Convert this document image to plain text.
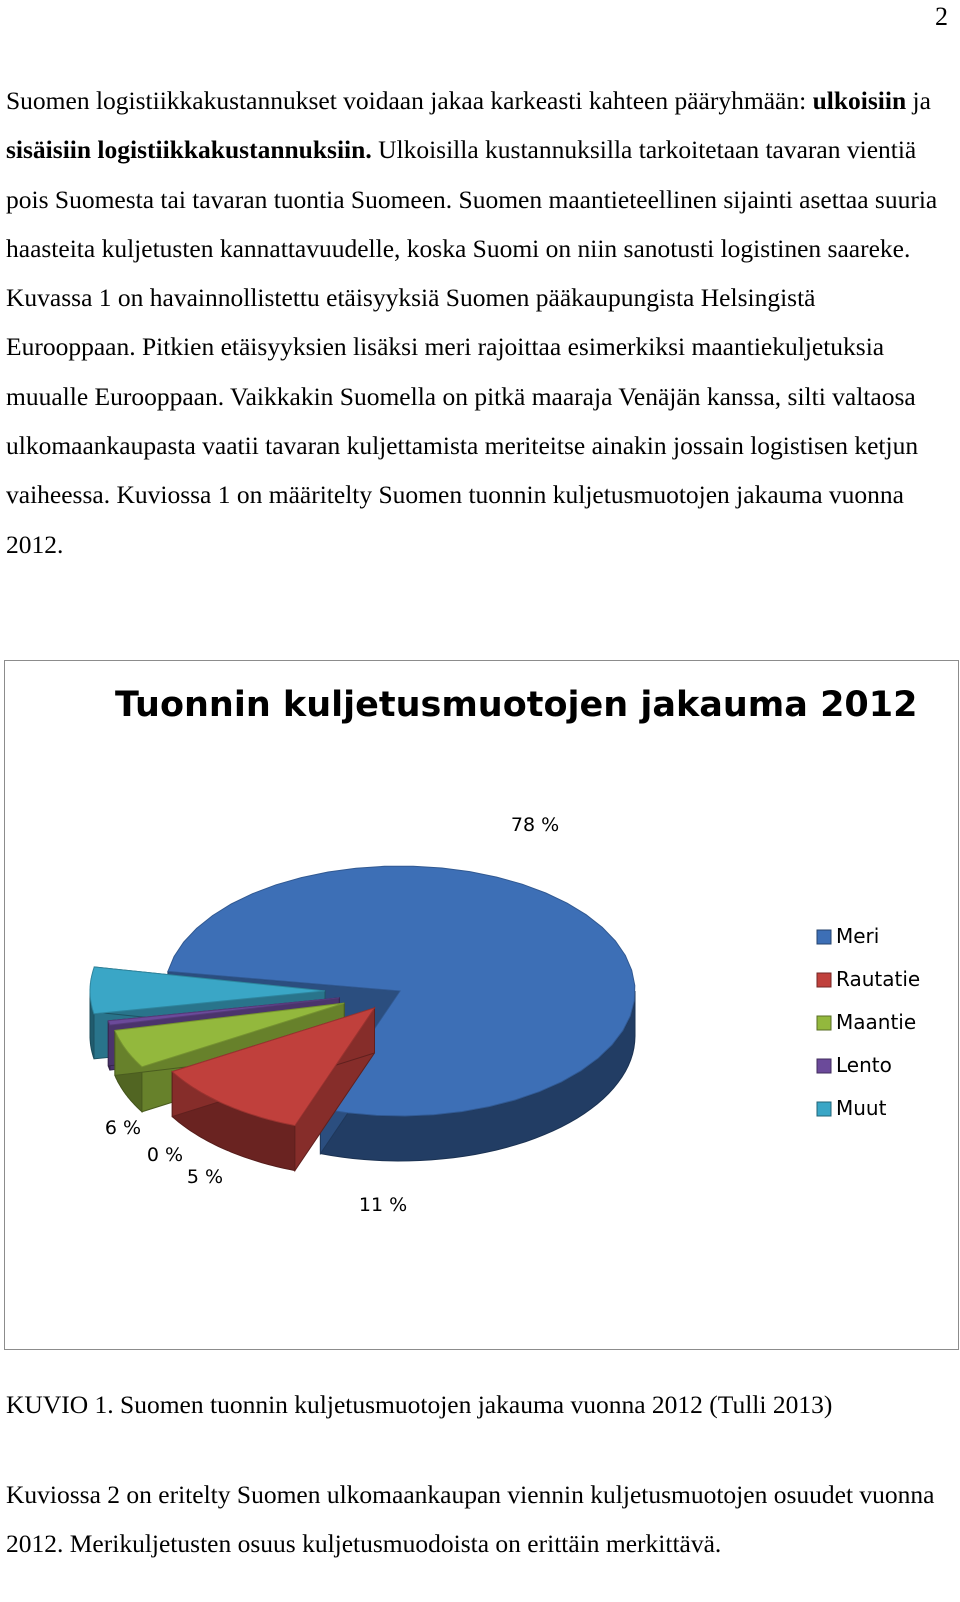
2

Suomen logistiikkakustannukset voidaan jakaa karkeasti kahteen pääryhmään: ulkoisiin ja sisäisiin logistiikkakustannuksiin. Ulkoisilla kustannuksilla tarkoitetaan tavaran vientiä pois Suomesta tai tavaran tuontia Suomeen. Suomen maantieteellinen sijainti asettaa suuria haasteita kuljetusten kannattavuudelle, koska Suomi on niin sanotusti logistinen saareke. Kuvassa 1 on havainnollistettu etäisyyksiä Suomen pääkaupungista Helsingistä Eurooppaan. Pitkien etäisyyksien lisäksi meri rajoittaa esimerkiksi maantiekuljetuksia muualle Eurooppaan. Vaikkakin Suomella on pitkä maaraja Venäjän kanssa, silti valtaosa ulkomaankaupasta vaatii tavaran kuljettamista meriteitse ainakin jossain logistisen ketjun vaiheessa. Kuviossa 1 on määritelty Suomen tuonnin kuljetusmuotojen jakauma vuonna 2012.

Tuonnin kuljetusmuotojen jakauma 2012
78 %
11 %
5 %
0 %
6 %
Meri
Rautatie
Maantie
Lento
Muut

KUVIO 1. Suomen tuonnin kuljetusmuotojen jakauma vuonna 2012 (Tulli 2013)

Kuviossa 2 on eritelty Suomen ulkomaankaupan viennin kuljetusmuotojen osuudet vuonna 2012. Merikuljetusten osuus kuljetusmuodoista on erittäin merkittävä.
